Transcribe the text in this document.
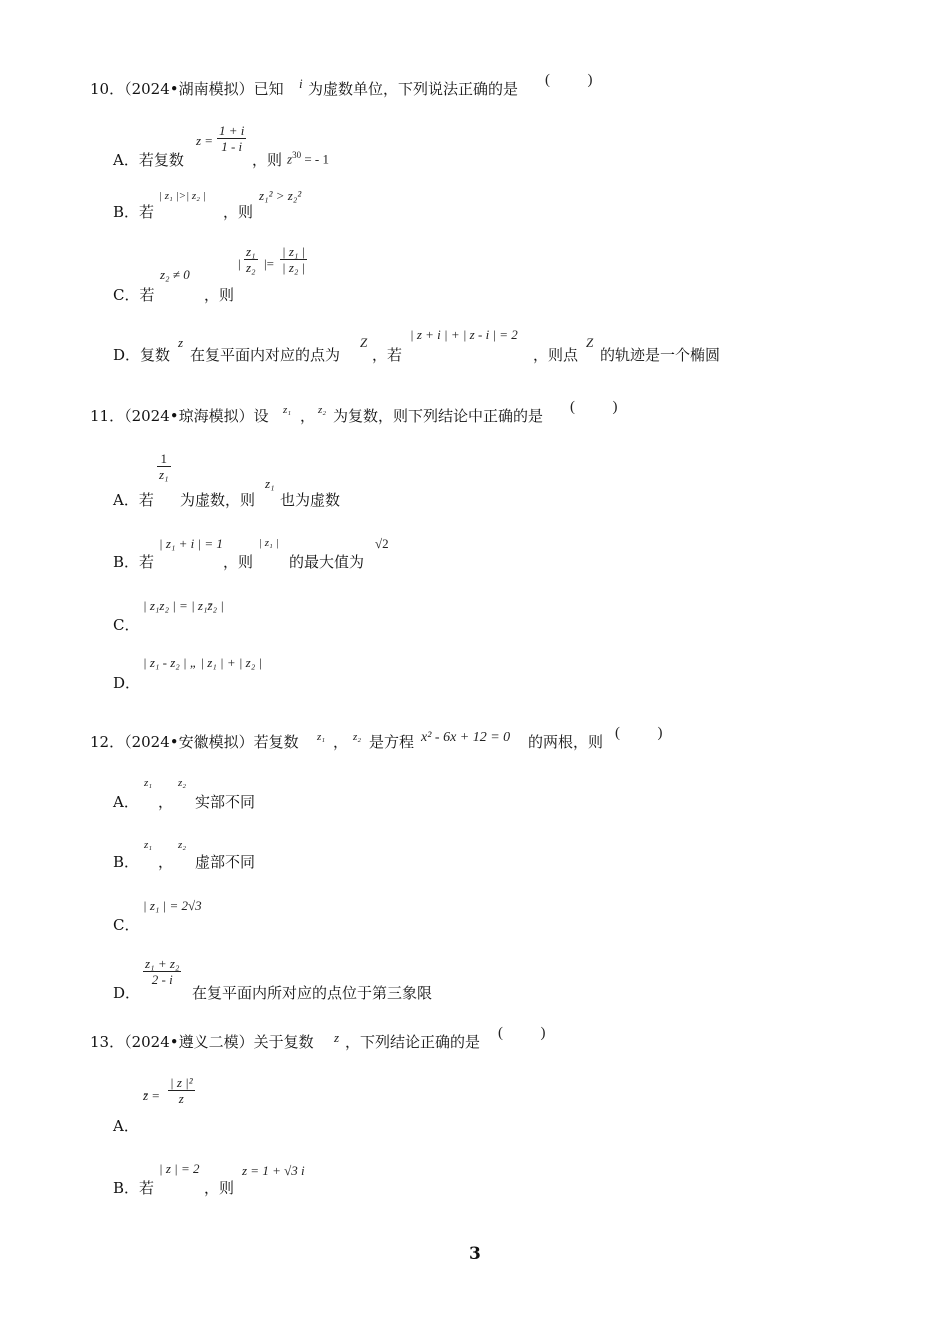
10．（2024•湖南模拟）已知 i 为虚数单位，下列说法正确的是 (          )
A．若复数
$z = \frac{1 + i}{1 - i}$
，则 $z^{30}$ = - 1
B．若
| z₁ |>| z₂ |
，则
z₁² > z₂²
C．若
z₂ ≠ 0
，则
| $\frac{\text{z₁}}{\text{z₂}}$ |= $\frac{\text{| z₁ |}}{\text{| z₂ |}}$
D．复数
z
在复平面内对应的点为
Z
，若
| z + i | + | z - i | = 2
，则点
Z
的轨迹是一个椭圆
11．（2024•琼海模拟）设 z₁ ， z₂ 为复数，则下列结论中正确的是 (          )
A．若
$\frac{1}{\text{z₁}}$
为虚数，则
z₁
也为虚数
B．若
| z₁ + i | = 1
，则
| z₁ |
的最大值为
√2
C．
| z₁z₂ | = | z₁z̄₂ |
D．
| z₁ - z₂ | „ | z₁ | + | z₂ |
12．（2024•安徽模拟）若复数 z₁ ， z₂ 是方程 x² - 6x + 12 = 0 的两根，则 (          )
A．
z₁
，
z₂
实部不同
B．
z₁
，
z₂
虚部不同
C．
| z₁ | = 2√3
D．
$\frac{\text{z₁ + z₂}}{2 - i}$
在复平面内所对应的点位于第三象限
13．（2024•遵义二模）关于复数 z ，下列结论正确的是 (          )
z̄ = $\frac{\text{| z |²}}{z}$
A．
B．若
| z | = 2
，则
z = 1 + √3 i
3
